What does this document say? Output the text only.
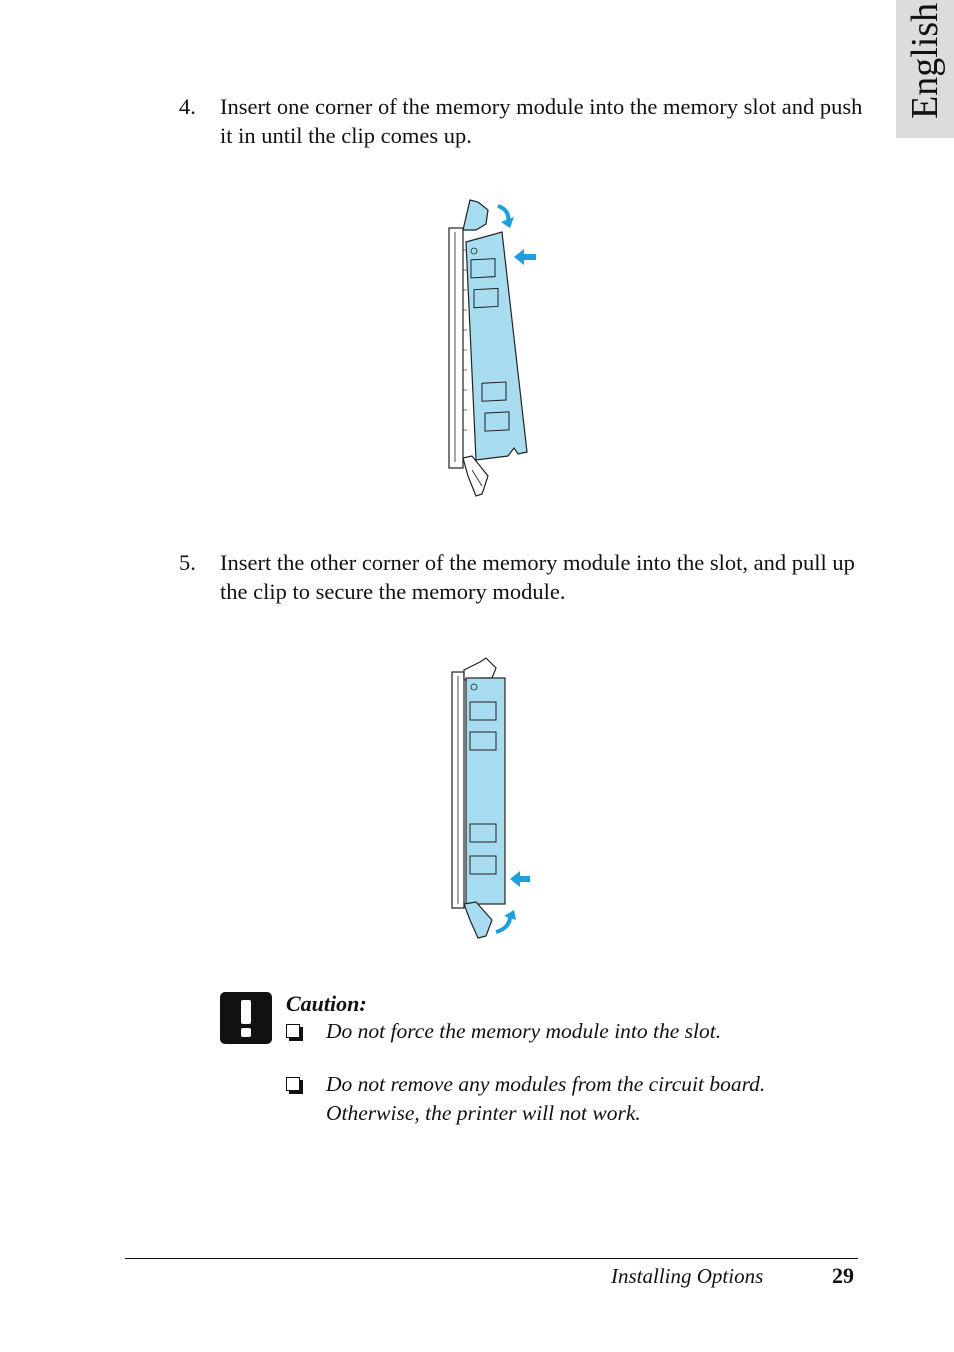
English
4. Insert one corner of the memory module into the memory slot and push it in until the clip comes up.
5. Insert the other corner of the memory module into the slot, and pull up the clip to secure the memory module.
Caution:
Do not force the memory module into the slot.
Do not remove any modules from the circuit board. Otherwise, the printer will not work.
Installing Options	29
